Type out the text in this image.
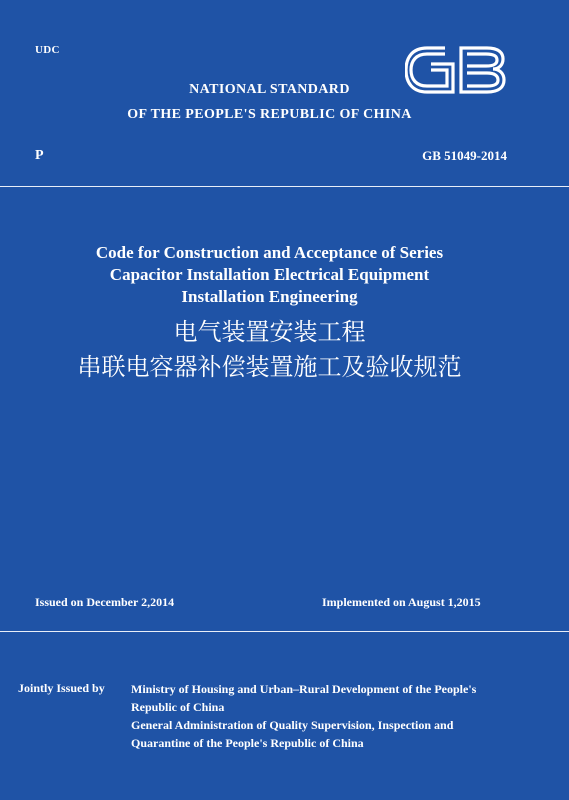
UDC
NATIONAL STANDARD
OF THE PEOPLE'S REPUBLIC OF CHINA
P	GB 51049-2014
Code for Construction and Acceptance of Series
Capacitor Installation Electrical Equipment
Installation Engineering
电气装置安装工程
串联电容器补偿装置施工及验收规范
Issued on December 2,2014	Implemented on August 1,2015
Jointly Issued by Ministry of Housing and Urban–Rural Development of the People's
Republic of China
General Administration of Quality Supervision, Inspection and
Quarantine of the People's Republic of China
